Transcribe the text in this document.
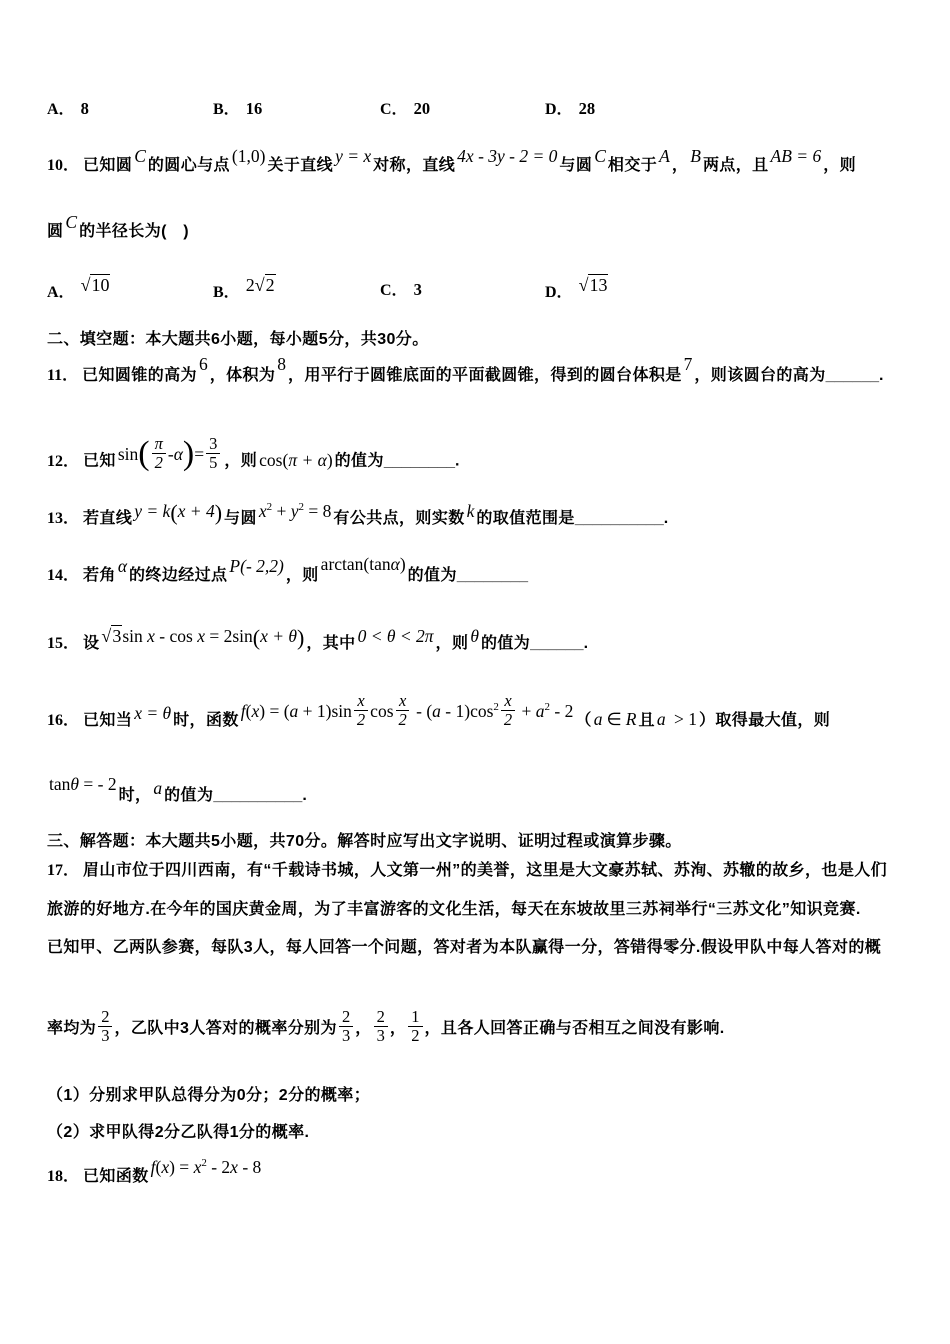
A． 8	B． 16	C． 20	D． 28
10． 已知圆 C 的圆心与点 (1,0) 关于直线 y = x 对称，直线 4x - 3y - 2 = 0 与圆 C 相交于 A ， B 两点，且 AB = 6 ，则
圆 C 的半径长为(　)
A． √10	B． 2√2	C． 3	D． √13
二、填空题：本大题共6小题，每小题5分，共30分。
11． 已知圆锥的高为6，体积为8，用平行于圆锥底面的平面截圆锥，得到的圆台体积是7，则该圆台的高为______.
12． 已知 $\sin( \frac{\pi}{2} -\alpha)= \frac{3}{5}$ ，则 cos(π + α) 的值为________.
13． 若直线 y = k(x + 4) 与圆 $x^2 + y^2 = 8$ 有公共点，则实数 k 的取值范围是__________.
14． 若角 α 的终边经过点 P(- 2,2) ，则arctan(tanα)的值为________
15． 设 √3sin x - cos x = 2sin(x + θ) ，其中 0 < θ < 2π ，则 θ 的值为______.
16． 已知当 x = θ 时，函数 $f(x) = (a + 1)\sin \frac{x}{2}$ $\cos \frac{x}{2} - (a - 1)\cos^2 \frac{x}{2} + a^2 - 2$ （ a ∈ R 且 a > 1 ）取得最大值，则
tanθ = - 2时， a 的值为__________.
三、解答题：本大题共5小题，共70分。解答时应写出文字说明、证明过程或演算步骤。
17． 眉山市位于四川西南，有“千载诗书城，人文第一州”的美誉，这里是大文豪苏轼、苏洵、苏辙的故乡，也是人们
旅游的好地方.在今年的国庆黄金周，为了丰富游客的文化生活，每天在东坡故里三苏祠举行“三苏文化”知识竞赛.
已知甲、乙两队参赛，每队3人，每人回答一个问题，答对者为本队赢得一分，答错得零分.假设甲队中每人答对的概
率均为 $\frac{2}{3}$ ，乙队中3人答对的概率分别为 $\frac{2}{3}$ ， $\frac{2}{3}$ ， $\frac{1}{2}$ ，且各人回答正确与否相互之间没有影响.
（1）分别求甲队总得分为0分；2分的概率；
（2）求甲队得2分乙队得1分的概率.
18． 已知函数 $f(x) = x^2 - 2x - 8$
